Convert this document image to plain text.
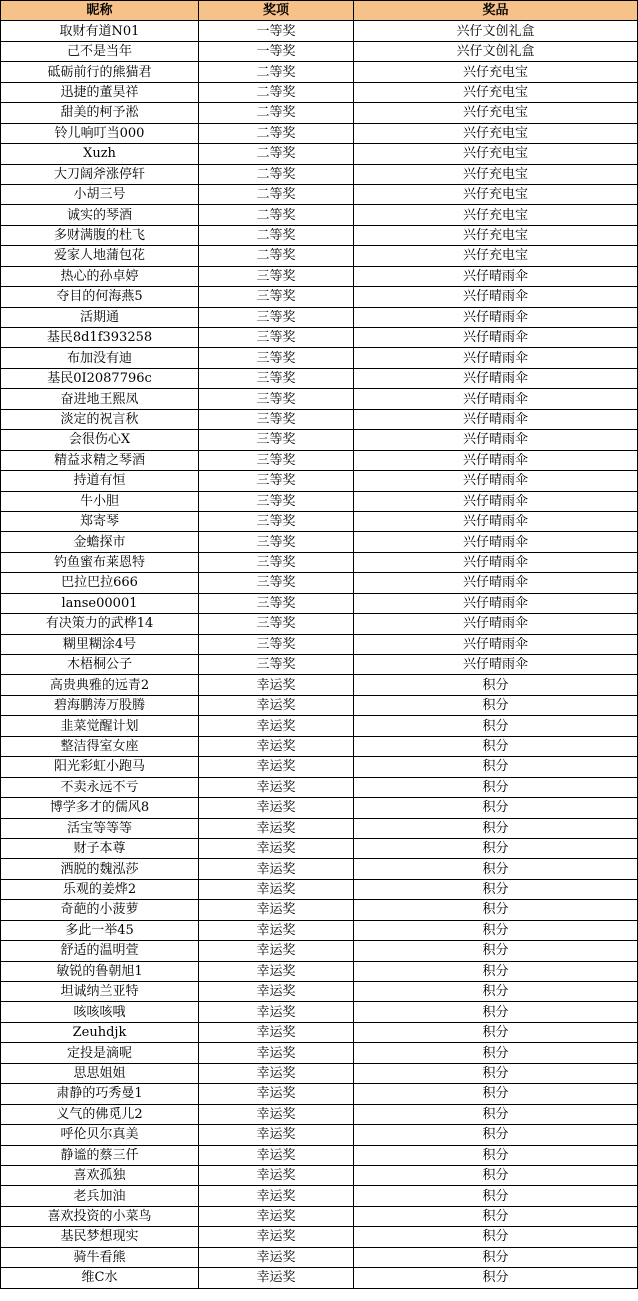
昵称	奖项	奖品
取财有道N01	一等奖	兴仔文创礼盒
己不是当年	一等奖	兴仔文创礼盒
砥砺前行的熊猫君	二等奖	兴仔充电宝
迅捷的董昊祥	二等奖	兴仔充电宝
甜美的柯予淞	二等奖	兴仔充电宝
铃儿响叮当000	二等奖	兴仔充电宝
Xuzh	二等奖	兴仔充电宝
大刀阔斧涨停轩	二等奖	兴仔充电宝
小胡三号	二等奖	兴仔充电宝
诚实的琴酒	二等奖	兴仔充电宝
多财满腹的杜飞	二等奖	兴仔充电宝
爱家人地蒲包花	二等奖	兴仔充电宝
热心的孙卓婷	三等奖	兴仔晴雨伞
夺目的何海燕5	三等奖	兴仔晴雨伞
活期通	三等奖	兴仔晴雨伞
基民8d1f393258	三等奖	兴仔晴雨伞
布加没有迪	三等奖	兴仔晴雨伞
基民0I2087796c	三等奖	兴仔晴雨伞
奋进地王熙凤	三等奖	兴仔晴雨伞
淡定的祝言秋	三等奖	兴仔晴雨伞
会很伤心X	三等奖	兴仔晴雨伞
精益求精之琴酒	三等奖	兴仔晴雨伞
持道有恒	三等奖	兴仔晴雨伞
牛小胆	三等奖	兴仔晴雨伞
郑寄琴	三等奖	兴仔晴雨伞
金蟾探市	三等奖	兴仔晴雨伞
钓鱼蜜布莱恩特	三等奖	兴仔晴雨伞
巴拉巴拉666	三等奖	兴仔晴雨伞
lanse00001	三等奖	兴仔晴雨伞
有决策力的武桦14	三等奖	兴仔晴雨伞
糊里糊涂4号	三等奖	兴仔晴雨伞
木梧桐公子	三等奖	兴仔晴雨伞
高贵典雅的远青2	幸运奖	积分
碧海鹏涛万股腾	幸运奖	积分
韭菜觉醒计划	幸运奖	积分
整洁得室女座	幸运奖	积分
阳光彩虹小跑马	幸运奖	积分
不卖永远不亏	幸运奖	积分
博学多才的儒风8	幸运奖	积分
活宝等等等	幸运奖	积分
财子本尊	幸运奖	积分
洒脱的魏泓莎	幸运奖	积分
乐观的姜烨2	幸运奖	积分
奇葩的小菠萝	幸运奖	积分
多此一举45	幸运奖	积分
舒适的温明萱	幸运奖	积分
敏锐的鲁朝旭1	幸运奖	积分
坦诚纳兰亚特	幸运奖	积分
咳咳咳哦	幸运奖	积分
Zeuhdjk	幸运奖	积分
定投是滴呢	幸运奖	积分
思思姐姐	幸运奖	积分
肃静的巧秀曼1	幸运奖	积分
义气的佛觅儿2	幸运奖	积分
呼伦贝尔真美	幸运奖	积分
静谧的蔡三仟	幸运奖	积分
喜欢孤独	幸运奖	积分
老兵加油	幸运奖	积分
喜欢投资的小菜鸟	幸运奖	积分
基民梦想现实	幸运奖	积分
骑牛看熊	幸运奖	积分
维C水	幸运奖	积分
